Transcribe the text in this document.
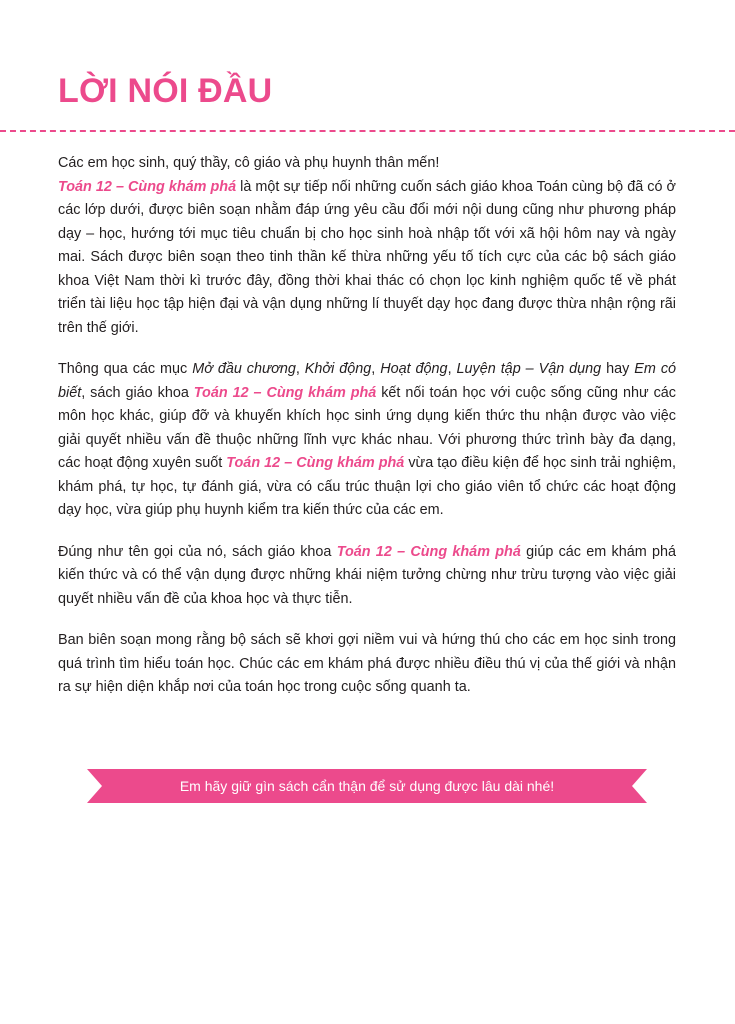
LỜI NÓI ĐẦU

Các em học sinh, quý thầy, cô giáo và phụ huynh thân mến!

Toán 12 – Cùng khám phá là một sự tiếp nối những cuốn sách giáo khoa Toán cùng bộ đã có ở các lớp dưới, được biên soạn nhằm đáp ứng yêu cầu đổi mới nội dung cũng như phương pháp dạy – học, hướng tới mục tiêu chuẩn bị cho học sinh hoà nhập tốt với xã hội hôm nay và ngày mai. Sách được biên soạn theo tinh thần kế thừa những yếu tố tích cực của các bộ sách giáo khoa Việt Nam thời kì trước đây, đồng thời khai thác có chọn lọc kinh nghiệm quốc tế về phát triển tài liệu học tập hiện đại và vận dụng những lí thuyết dạy học đang được thừa nhận rộng rãi trên thế giới.

Thông qua các mục Mở đầu chương, Khởi động, Hoạt động, Luyện tập – Vận dụng hay Em có biết, sách giáo khoa Toán 12 – Cùng khám phá kết nối toán học với cuộc sống cũng như các môn học khác, giúp đỡ và khuyến khích học sinh ứng dụng kiến thức thu nhận được vào việc giải quyết nhiều vấn đề thuộc những lĩnh vực khác nhau. Với phương thức trình bày đa dạng, các hoạt động xuyên suốt Toán 12 – Cùng khám phá vừa tạo điều kiện để học sinh trải nghiệm, khám phá, tự học, tự đánh giá, vừa có cấu trúc thuận lợi cho giáo viên tổ chức các hoạt động dạy học, vừa giúp phụ huynh kiểm tra kiến thức của các em.

Đúng như tên gọi của nó, sách giáo khoa Toán 12 – Cùng khám phá giúp các em khám phá kiến thức và có thể vận dụng được những khái niệm tưởng chừng như trừu tượng vào việc giải quyết nhiều vấn đề của khoa học và thực tiễn.

Ban biên soạn mong rằng bộ sách sẽ khơi gợi niềm vui và hứng thú cho các em học sinh trong quá trình tìm hiểu toán học. Chúc các em khám phá được nhiều điều thú vị của thế giới và nhận ra sự hiện diện khắp nơi của toán học trong cuộc sống quanh ta.

Em hãy giữ gìn sách cẩn thận để sử dụng được lâu dài nhé!
